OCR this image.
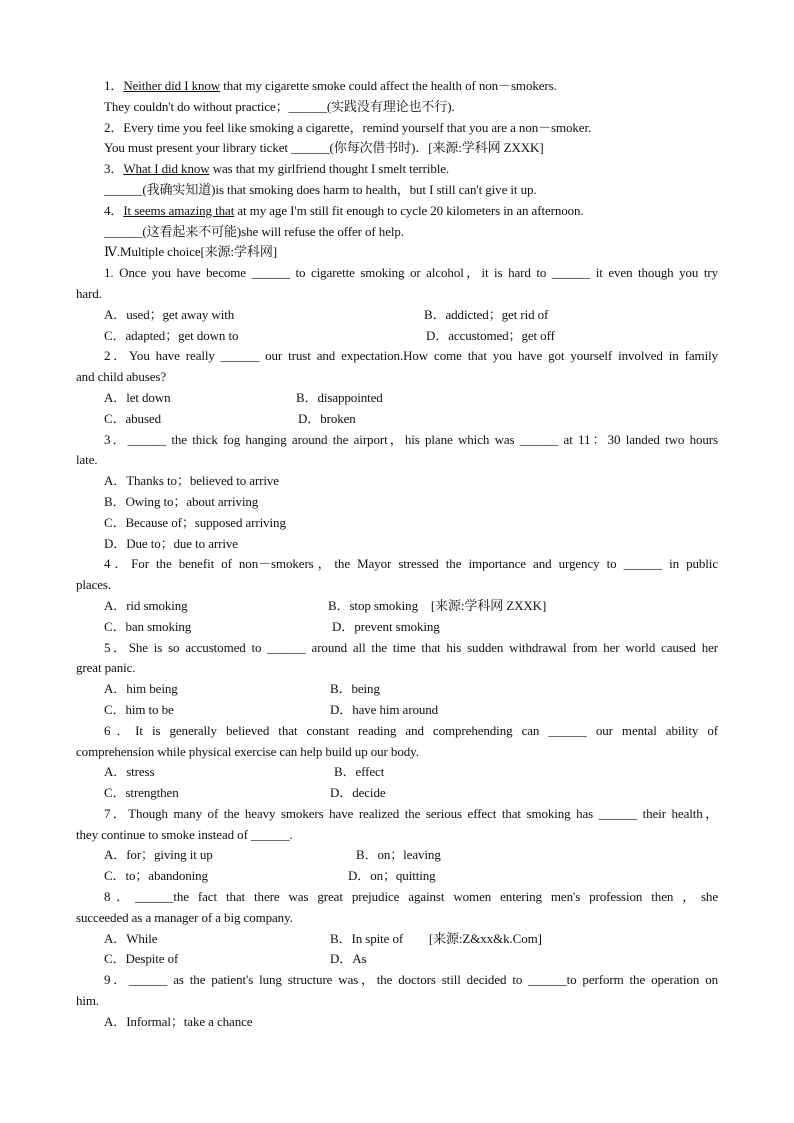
1．Neither did I know that my cigarette smoke could affect the health of non－smokers.
They couldn't do without practice；______(实践没有理论也不行).
2．Every time you feel like smoking a cigarette，remind yourself that you are a non－smoker.
You must present your library ticket ______(你每次借书时)．[来源:学科网 ZXXK]
3．What I did know was that my girlfriend thought I smelt terrible.
______(我确实知道)is that smoking does harm to health，but I still can't give it up.
4．It seems amazing that at my age I'm still fit enough to cycle 20 kilometers in an afternoon.
______(这看起来不可能)she will refuse the offer of help.
Ⅳ.Multiple choice[来源:学科网]
1. Once you have become ______ to cigarette smoking or alcohol，it is hard to ______ it even though you try
hard.
A．used；get away with	B．addicted；get rid of
C．adapted；get down to	D．accustomed；get off
2．You have really ______ our trust and expectation.How come that you have got yourself involved in family
and child abuses?
A．let down	B．disappointed
C．abused	D．broken
3．______ the thick fog hanging around the airport，his plane which was ______ at 11：30 landed two hours
late.
A．Thanks to；believed to arrive
B．Owing to；about arriving
C．Because of；supposed arriving
D．Due to；due to arrive
4．For the benefit of non－smokers，the Mayor stressed the importance and urgency to ______ in public
places.
A．rid smoking	B．stop smoking　[来源:学科网 ZXXK]
C．ban smoking	D．prevent smoking
5．She is so accustomed to ______ around all the time that his sudden withdrawal from her world caused her
great panic.
A．him being	B．being
C．him to be	D．have him around
6．It is generally believed that constant reading and comprehending can ______ our mental ability of
comprehension while physical exercise can help build up our body.
A．stress	B．effect
C．strengthen	D．decide
7．Though many of the heavy smokers have realized the serious effect that smoking has ______ their health，
they continue to smoke instead of ______.
A．for；giving it up	B．on；leaving
C．to；abandoning	D．on；quitting
8．______the fact that there was great prejudice against women entering men's profession then ，she
succeeded as a manager of a big company.
A．While	B．In spite of　　[来源:Z&xx&k.Com]
C．Despite of	D．As
9．______ as the patient's lung structure was，the doctors still decided to ______to perform the operation on
him.
A．Informal；take a chance
